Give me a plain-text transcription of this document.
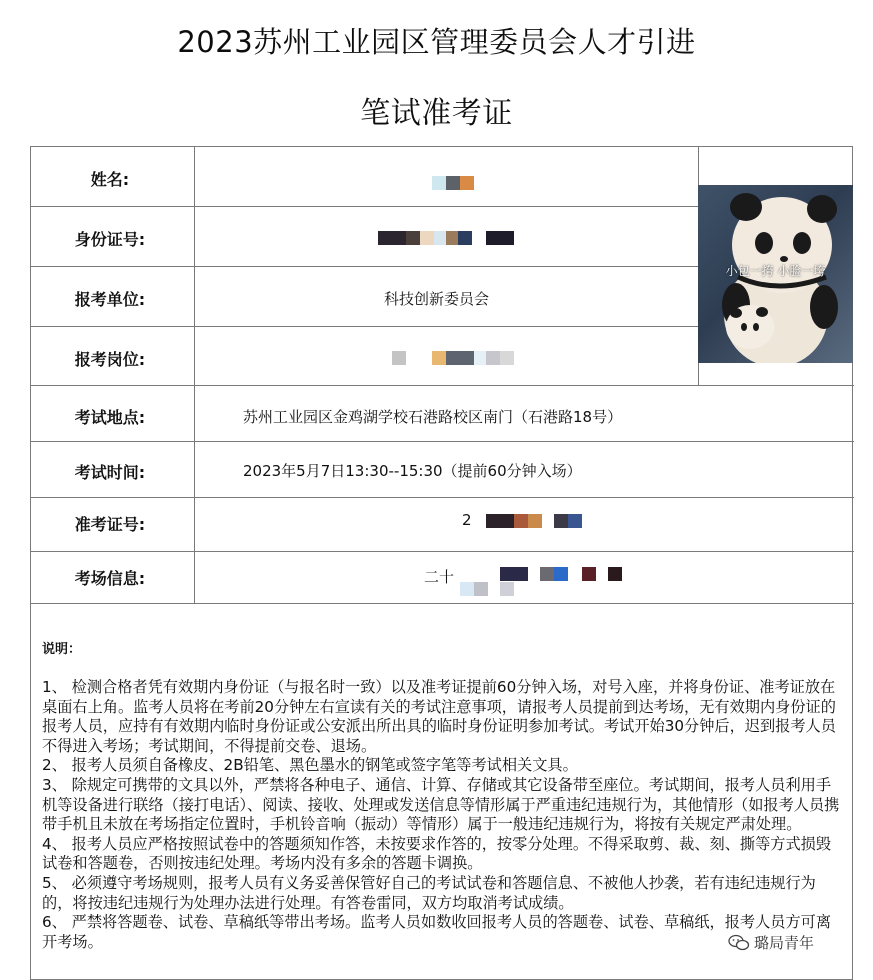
2023苏州工业园区管理委员会人才引进
笔试准考证
姓名:
身份证号:
报考单位:
报考岗位:
考试地点:
考试时间:
准考证号:
考场信息:
科技创新委员会
苏州工业园区金鸡湖学校石港路校区南门（石港路18号）
2023年5月7日13:30--15:30（提前60分钟入场）
2
二十
小包一挎 小脸一垮
说明：

1、 检测合格者凭有效期内身份证（与报名时一致）以及准考证提前60分钟入场，对号入座，并将身份证、准考证放在桌面右上角。监考人员将在考前20分钟左右宣读有关的考试注意事项，请报考人员提前到达考场，无有效期内身份证的报考人员，应持有有效期内临时身份证或公安派出所出具的临时身份证明参加考试。考试开始30分钟后，迟到报考人员不得进入考场；考试期间，不得提前交卷、退场。

2、 报考人员须自备橡皮、2B铅笔、黑色墨水的钢笔或签字笔等考试相关文具。

3、 除规定可携带的文具以外，严禁将各种电子、通信、计算、存储或其它设备带至座位。考试期间，报考人员利用手机等设备进行联络（接打电话）、阅读、接收、处理或发送信息等情形属于严重违纪违规行为，其他情形（如报考人员携带手机且未放在考场指定位置时，手机铃音响（振动）等情形）属于一般违纪违规行为，将按有关规定严肃处理。

4、 报考人员应严格按照试卷中的答题须知作答，未按要求作答的，按零分处理。不得采取剪、裁、刻、撕等方式损毁试卷和答题卷，否则按违纪处理。考场内没有多余的答题卡调换。

5、 必须遵守考场规则，报考人员有义务妥善保管好自己的考试试卷和答题信息、不被他人抄袭，若有违纪违规行为的，将按违纪违规行为处理办法进行处理。有答卷雷同，双方均取消考试成绩。

6、 严禁将答题卷、试卷、草稿纸等带出考场。监考人员如数收回报考人员的答题卷、试卷、草稿纸，报考人员方可离开考场。	璐局青年
